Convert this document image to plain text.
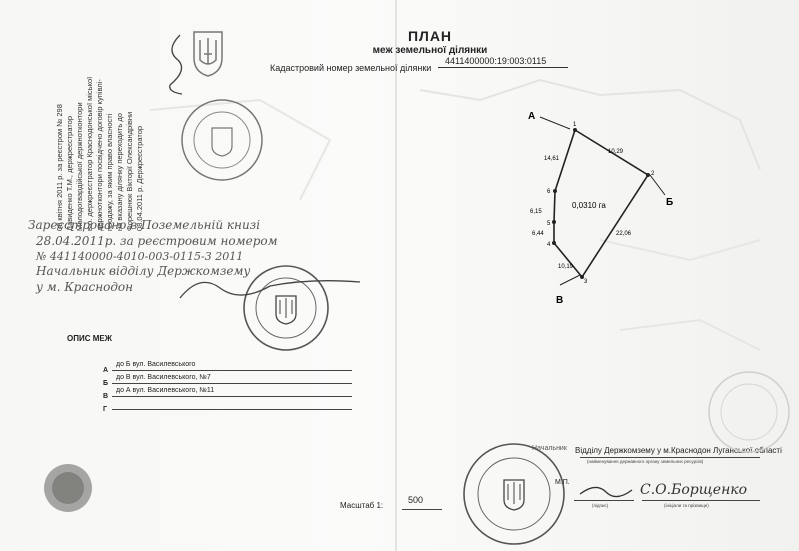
ПЛАН
меж земельної ділянки
Кадастровий номер земельної ділянки
4411400000:19:003:0115
08 квітня 2011 р. за реєстром № 298 Давиденко Т.М., держреєстратор Молодогвардійської держнотконтори в.о. держреєстратор Краснодонської міської держнотконтори посвідчено договір купівлі- продажу, за яким право власності на вказану ділянку переходить до Форешнюк Вікторії Олександрівни 08.04.2011 р. Держреєстратор
Зареєстровано в Поземельній книзі
28.04.2011р. за реєстровим номером
№ 441140000-4010-003-0115-3 2011
Начальник відділу Держкомзему
у м. Краснодон
А
Б
В
1
2
3
4
5
6
14,61
10,29
22,06
10,19
6,44
6,15
0,0310 га
ОПИС МЕЖ
А
до Б вул. Василевського
Б
до В вул. Василевського, №7
В
до А вул. Василевського, №11
Г
Масштаб 1:
500
Начальник Відділу Держкомзему у м.Краснодон Луганської області
(найменування державного органу земельних ресурсів)
М.П.
(підпис)	(ініціали та прізвище)
С.О.Борщенко
